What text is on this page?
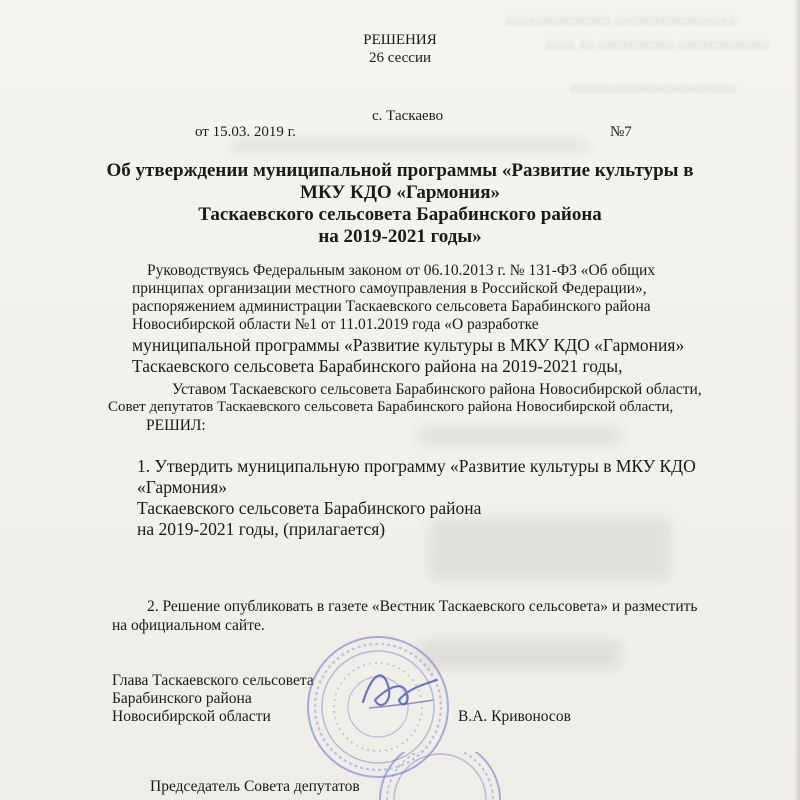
▭▭▭▭▭▭▭ ▭▭▭▭▭▭▭▭
▭▭ ▭ ▭▭▭▭▭ ▭▭▭▭▭▭
▭▭▭▭▭▭▭▭▭▭▭
РЕШЕНИЯ
26 сессии
с. Таскаево
от 15.03. 2019 г.	№7
Об утверждении муниципальной программы «Развитие культуры в
МКУ КДО «Гармония»
Таскаевского сельсовета Барабинского района
на 2019-2021 годы»
Руководствуясь Федеральным законом от 06.10.2013 г. № 131-ФЗ «Об общих
принципах организации местного самоуправления в Российской Федерации»,
распоряжением администрации Таскаевского сельсовета Барабинского района
Новосибирской области №1 от 11.01.2019 года «О разработке
муниципальной программы «Развитие культуры в МКУ КДО «Гармония»
Таскаевского сельсовета Барабинского района на 2019-2021 годы,
Уставом Таскаевского сельсовета Барабинского района Новосибирской области,
Совет депутатов Таскаевского сельсовета Барабинского района Новосибирской области,
РЕШИЛ:
1. Утвердить муниципальную программу «Развитие культуры в МКУ КДО
«Гармония»
Таскаевского сельсовета Барабинского района
на 2019-2021 годы, (прилагается)
2. Решение опубликовать в газете «Вестник Таскаевского сельсовета» и разместить
на официальном сайте.
Глава Таскаевского сельсовета
Барабинского района
Новосибирской области	В.А. Кривоносов
Председатель Совета депутатов
